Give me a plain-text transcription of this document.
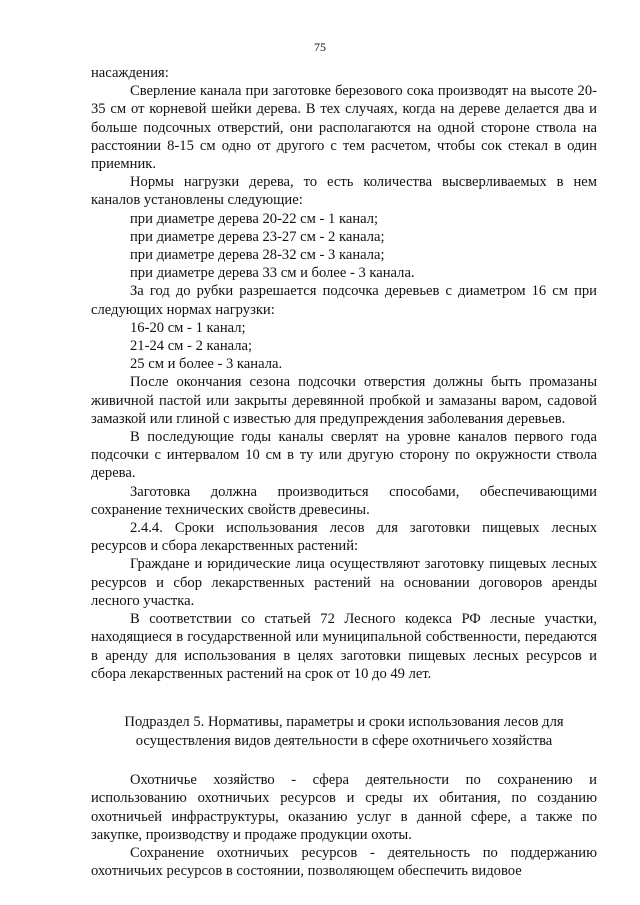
75

насаждения:

Сверление канала при заготовке березового сока производят на высоте 20-35 см от корневой шейки дерева. В тех случаях, когда на дереве делается два и больше подсочных отверстий, они располагаются на одной стороне ствола на расстоянии 8-15 см одно от другого с тем расчетом, чтобы сок стекал в один приемник.

Нормы нагрузки дерева, то есть количества высверливаемых в нем каналов установлены следующие:

при диаметре дерева 20-22 см - 1 канал;

при диаметре дерева 23-27 см - 2 канала;

при диаметре дерева 28-32 см - 3 канала;

при диаметре дерева 33 см и более - 3 канала.

За год до рубки разрешается подсочка деревьев с диаметром 16 см при следующих нормах нагрузки:

16-20 см - 1 канал;

21-24 см - 2 канала;

25 см и более - 3 канала.

После окончания сезона подсочки отверстия должны быть промазаны живичной пастой или закрыты деревянной пробкой и замазаны варом, садовой замазкой или глиной с известью для предупреждения заболевания деревьев.

В последующие годы каналы сверлят на уровне каналов первого года подсочки с интервалом 10 см в ту или другую сторону по окружности ствола дерева.

Заготовка должна производиться способами, обеспечивающими сохранение технических свойств древесины.

2.4.4. Сроки использования лесов для заготовки пищевых лесных ресурсов и сбора лекарственных растений:

Граждане и юридические лица осуществляют заготовку пищевых лесных ресурсов и сбор лекарственных растений на основании договоров аренды лесного участка.

В соответствии со статьей 72 Лесного кодекса РФ лесные участки, находящиеся в государственной или муниципальной собственности, передаются в аренду для использования в целях заготовки пищевых лесных ресурсов и сбора лекарственных растений на срок от 10 до 49 лет.

Подраздел 5. Нормативы, параметры и сроки использования лесов для
осуществления видов деятельности в сфере охотничьего хозяйства

Охотничье хозяйство - сфера деятельности по сохранению и использованию охотничьих ресурсов и среды их обитания, по созданию охотничьей инфраструктуры, оказанию услуг в данной сфере, а также по закупке, производству и продаже продукции охоты.

Сохранение охотничьих ресурсов - деятельность по поддержанию охотничьих ресурсов в состоянии, позволяющем обеспечить видовое
